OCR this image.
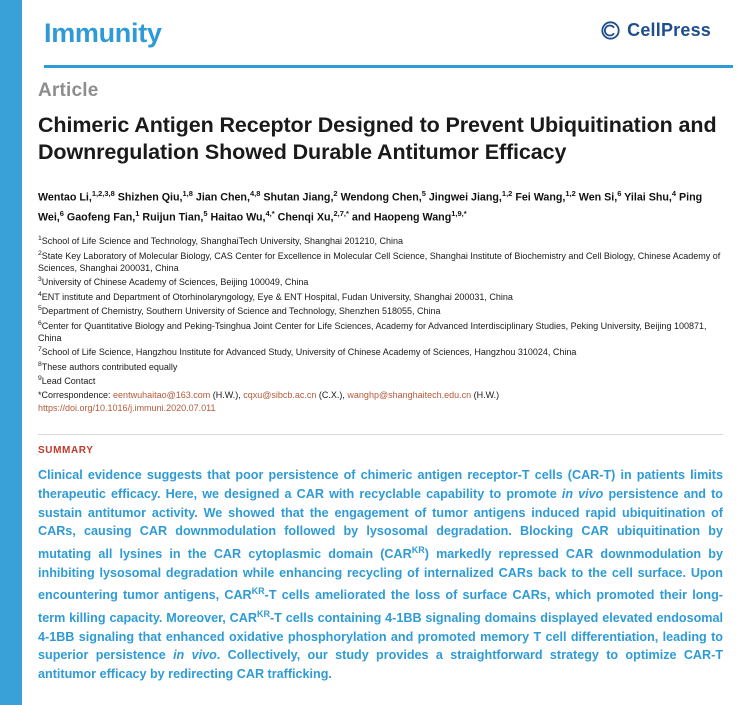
Immunity	CellPress
Article
Chimeric Antigen Receptor Designed to Prevent Ubiquitination and Downregulation Showed Durable Antitumor Efficacy
Wentao Li,$^{1,2,3,8}$ Shizhen Qiu,$^{1,8}$ Jian Chen,$^{4,8}$ Shutan Jiang,$^2$ Wendong Chen,$^5$ Jingwei Jiang,$^{1,2}$ Fei Wang,$^{1,2}$ Wen Si,$^6$ Yilai Shu,$^4$ Ping Wei,$^6$ Gaofeng Fan,$^1$ Ruijun Tian,$^5$ Haitao Wu,$^{4,*}$ Chenqi Xu,$^{2,7,*}$ and Haopeng Wang$^{1,9,*}$
$^1$School of Life Science and Technology, ShanghaiTech University, Shanghai 201210, China
$^2$State Key Laboratory of Molecular Biology, CAS Center for Excellence in Molecular Cell Science, Shanghai Institute of Biochemistry and Cell Biology, Chinese Academy of Sciences, Shanghai 200031, China
$^3$University of Chinese Academy of Sciences, Beijing 100049, China
$^4$ENT institute and Department of Otorhinolaryngology, Eye & ENT Hospital, Fudan University, Shanghai 200031, China
$^5$Department of Chemistry, Southern University of Science and Technology, Shenzhen 518055, China
$^6$Center for Quantitative Biology and Peking-Tsinghua Joint Center for Life Sciences, Academy for Advanced Interdisciplinary Studies, Peking University, Beijing 100871, China
$^7$School of Life Science, Hangzhou Institute for Advanced Study, University of Chinese Academy of Sciences, Hangzhou 310024, China
$^8$These authors contributed equally
$^9$Lead Contact
*Correspondence: eentwuhaitao@163.com (H.W.), cqxu@sibcb.ac.cn (C.X.), wanghp@shanghaitech.edu.cn (H.W.)
https://doi.org/10.1016/j.immuni.2020.07.011
SUMMARY
Clinical evidence suggests that poor persistence of chimeric antigen receptor-T cells (CAR-T) in patients limits therapeutic efficacy. Here, we designed a CAR with recyclable capability to promote in vivo persistence and to sustain antitumor activity. We showed that the engagement of tumor antigens induced rapid ubiquitination of CARs, causing CAR downmodulation followed by lysosomal degradation. Blocking CAR ubiquitination by mutating all lysines in the CAR cytoplasmic domain $(CAR^{KR})$ markedly repressed CAR downmodulation by inhibiting lysosomal degradation while enhancing recycling of internalized CARs back to the cell surface. Upon encountering tumor antigens, $CAR^{KR}-T$ cells ameliorated the loss of surface CARs, which promoted their long-term killing capacity. Moreover, $CAR^{KR}-T$ cells containing 4-1BB signaling domains displayed elevated endosomal 4-1BB signaling that enhanced oxidative phosphorylation and promoted memory T cell differentiation, leading to superior persistence in vivo. Collectively, our study provides a straightforward strategy to optimize CAR-T antitumor efficacy by redirecting CAR trafficking.
